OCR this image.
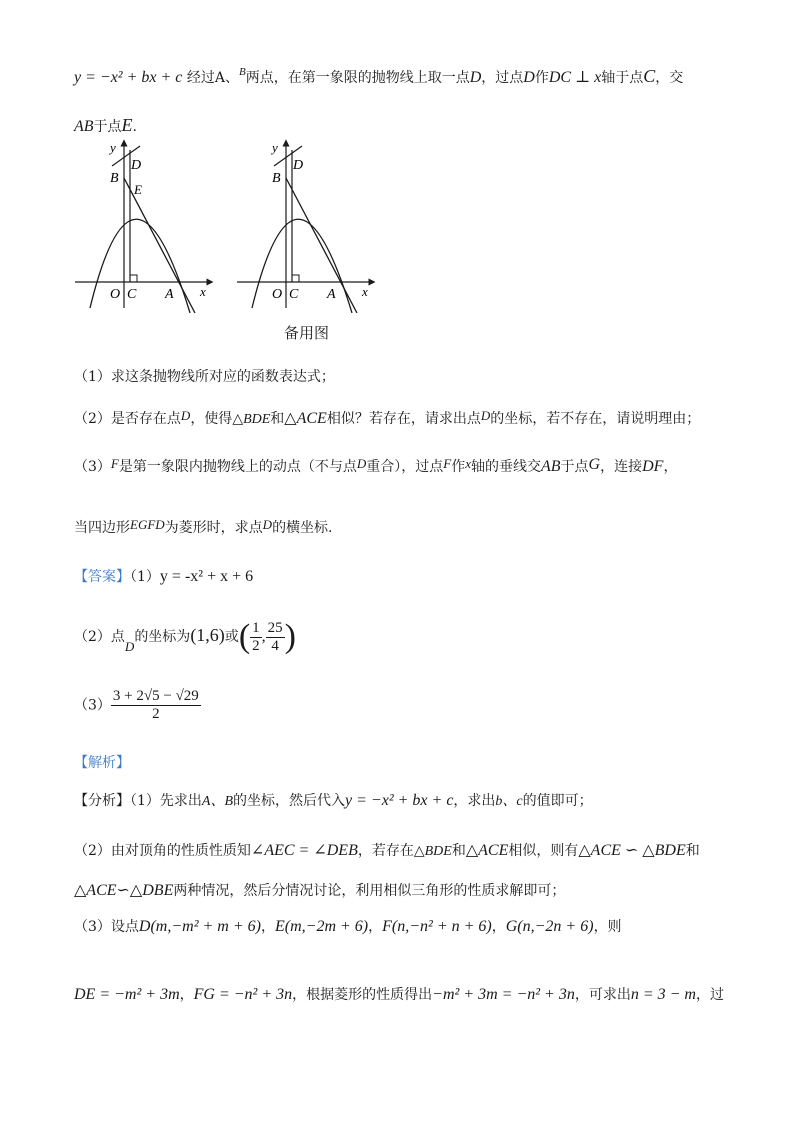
y = −x² + bx + c 经过A、$^B$两点，在第一象限的抛物线上取一点D，过点D作DC ⊥ x轴于点C，交
AB于点E.
y
B
D
E
O C A x
y
B
D
O C A x
备用图
（1）求这条抛物线所对应的函数表达式；
（2）是否存在点D，使得△BDE和△ACE相似？若存在，请求出点D的坐标，若不存在，请说明理由；
（3）F是第一象限内抛物线上的动点（不与点D重合），过点F作x轴的垂线交AB于点G，连接DF，
当四边形EGFD为菱形时，求点D的横坐标.
【答案】（1）y = -x² + x + 6
（2）点D的坐标为(1,6)或( $\frac{1}{2}$ , $\frac{25}{4}$ )
$(3) \frac{3 + 2√5 - √29}{2}$
【解析】
【分析】（1）先求出A、B的坐标，然后代入y = −x² + bx + c，求出b、c的值即可；
（2）由对顶角的性质性质知∠AEC = ∠DEB，若存在△BDE和△ACE相似，则有△ACE ∽ △BDE和
△ACE∽△DBE两种情况，然后分情况讨论，利用相似三角形的性质求解即可；
（3）设点D(m,−m² + m + 6)，E(m,−2m + 6)，F(n,−n² + n + 6)，G(n,−2n + 6)，则
DE = −m² + 3m，FG = −n² + 3n，根据菱形的性质得出−m² + 3m = −n² + 3n，可求出n = 3 − m，过
